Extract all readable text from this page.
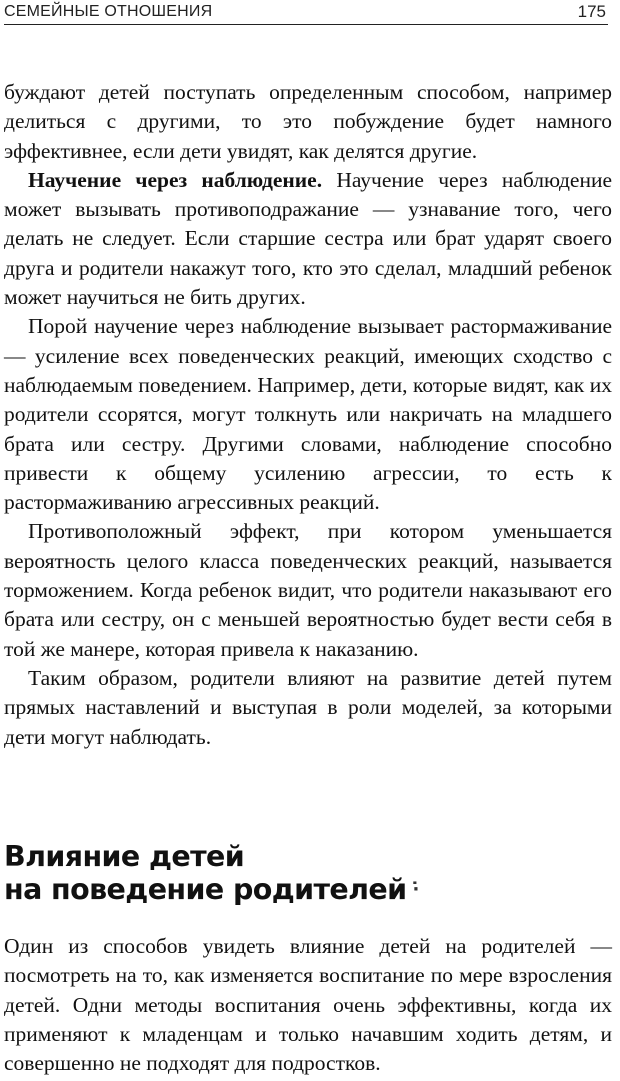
СЕМЕЙНЫЕ ОТНОШЕНИЯ	175

буждают детей поступать определенным способом, например делиться с другими, то это побуждение будет намного эффективнее, если дети увидят, как делятся другие.

Научение через наблюдение. Научение через наблюдение может вызывать противоподражание — узнавание того, чего делать не следует. Если старшие сестра или брат ударят своего друга и родители накажут того, кто это сделал, младший ребенок может научиться не бить других.

Порой научение через наблюдение вызывает растормаживание — усиление всех поведенческих реакций, имеющих сходство с наблюдаемым поведением. Например, дети, которые видят, как их родители ссорятся, могут толкнуть или накричать на младшего брата или сестру. Другими словами, наблюдение способно привести к общему усилению агрессии, то есть к растормаживанию агрессивных реакций.

Противоположный эффект, при котором уменьшается вероятность целого класса поведенческих реакций, называется торможением. Когда ребенок видит, что родители наказывают его брата или сестру, он с меньшей вероятностью будет вести себя в той же манере, которая привела к наказанию.

Таким образом, родители влияют на развитие детей путем прямых наставлений и выступая в роли моделей, за которыми дети могут наблюдать.

Влияние детей
на поведение родителей ·̇

Один из способов увидеть влияние детей на родителей — посмотреть на то, как изменяется воспитание по мере взросления детей. Одни методы воспитания очень эффективны, когда их применяют к младенцам и только начавшим ходить детям, и совершенно не подходят для подростков.
